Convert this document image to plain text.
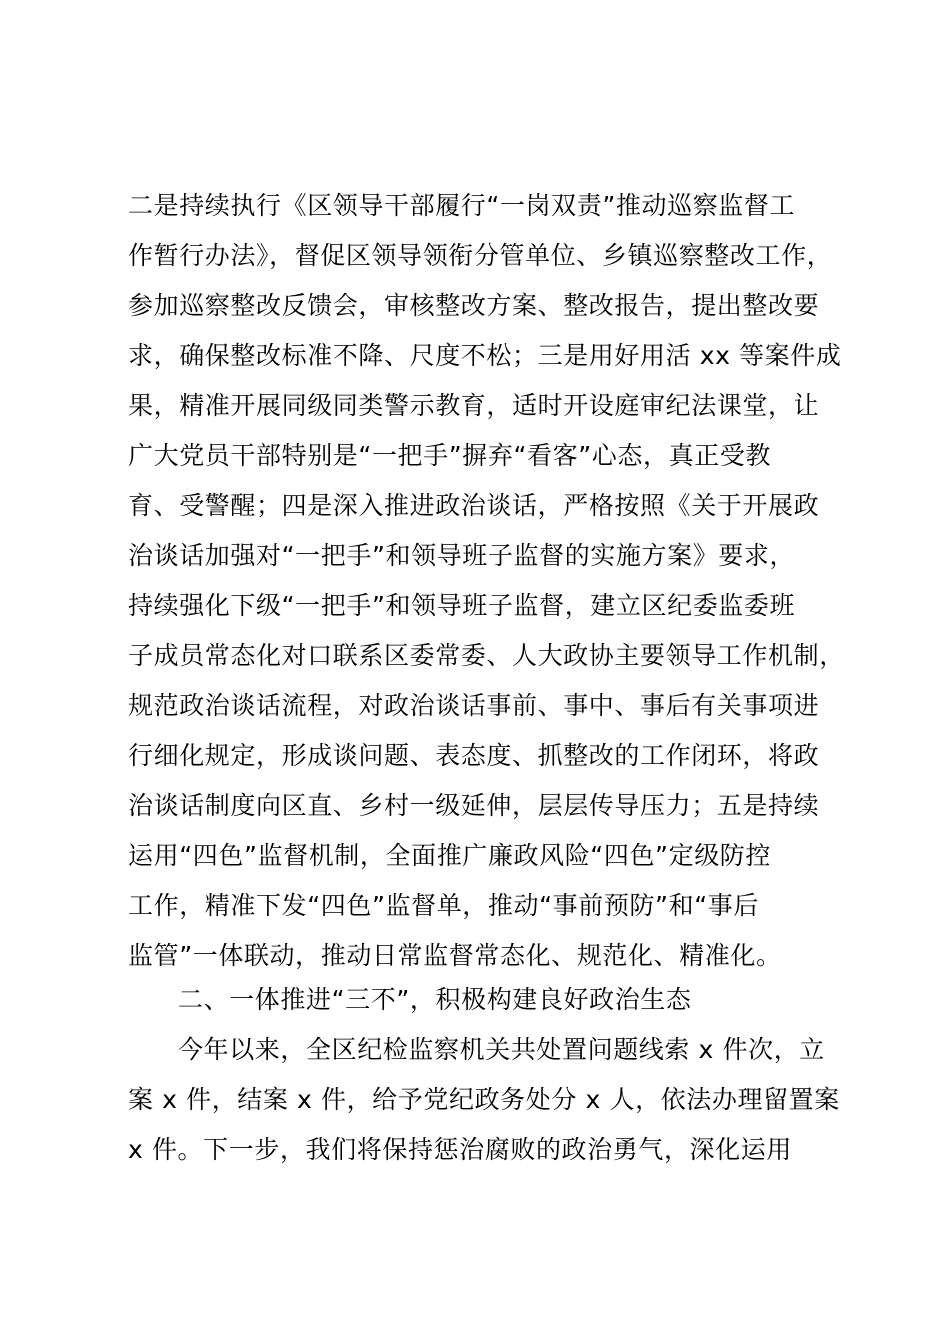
二是持续执行《区领导干部履行“一岗双责”推动巡察监督工
作暂行办法》，督促区领导领衔分管单位、乡镇巡察整改工作，
参加巡察整改反馈会，审核整改方案、整改报告，提出整改要
求，确保整改标准不降、尺度不松；三是用好用活 xx 等案件成
果，精准开展同级同类警示教育，适时开设庭审纪法课堂，让
广大党员干部特别是“一把手”摒弃“看客”心态，真正受教
育、受警醒；四是深入推进政治谈话，严格按照《关于开展政
治谈话加强对“一把手”和领导班子监督的实施方案》要求，
持续强化下级“一把手”和领导班子监督，建立区纪委监委班
子成员常态化对口联系区委常委、人大政协主要领导工作机制，
规范政治谈话流程，对政治谈话事前、事中、事后有关事项进
行细化规定，形成谈问题、表态度、抓整改的工作闭环，将政
治谈话制度向区直、乡村一级延伸，层层传导压力；五是持续
运用“四色”监督机制，全面推广廉政风险“四色”定级防控
工作，精准下发“四色”监督单，推动“事前预防”和“事后
监管”一体联动，推动日常监督常态化、规范化、精准化。
二、一体推进“三不”，积极构建良好政治生态
今年以来，全区纪检监察机关共处置问题线索 x 件次，立
案 x 件，结案 x 件，给予党纪政务处分 x 人，依法办理留置案
x 件。下一步，我们将保持惩治腐败的政治勇气，深化运用
